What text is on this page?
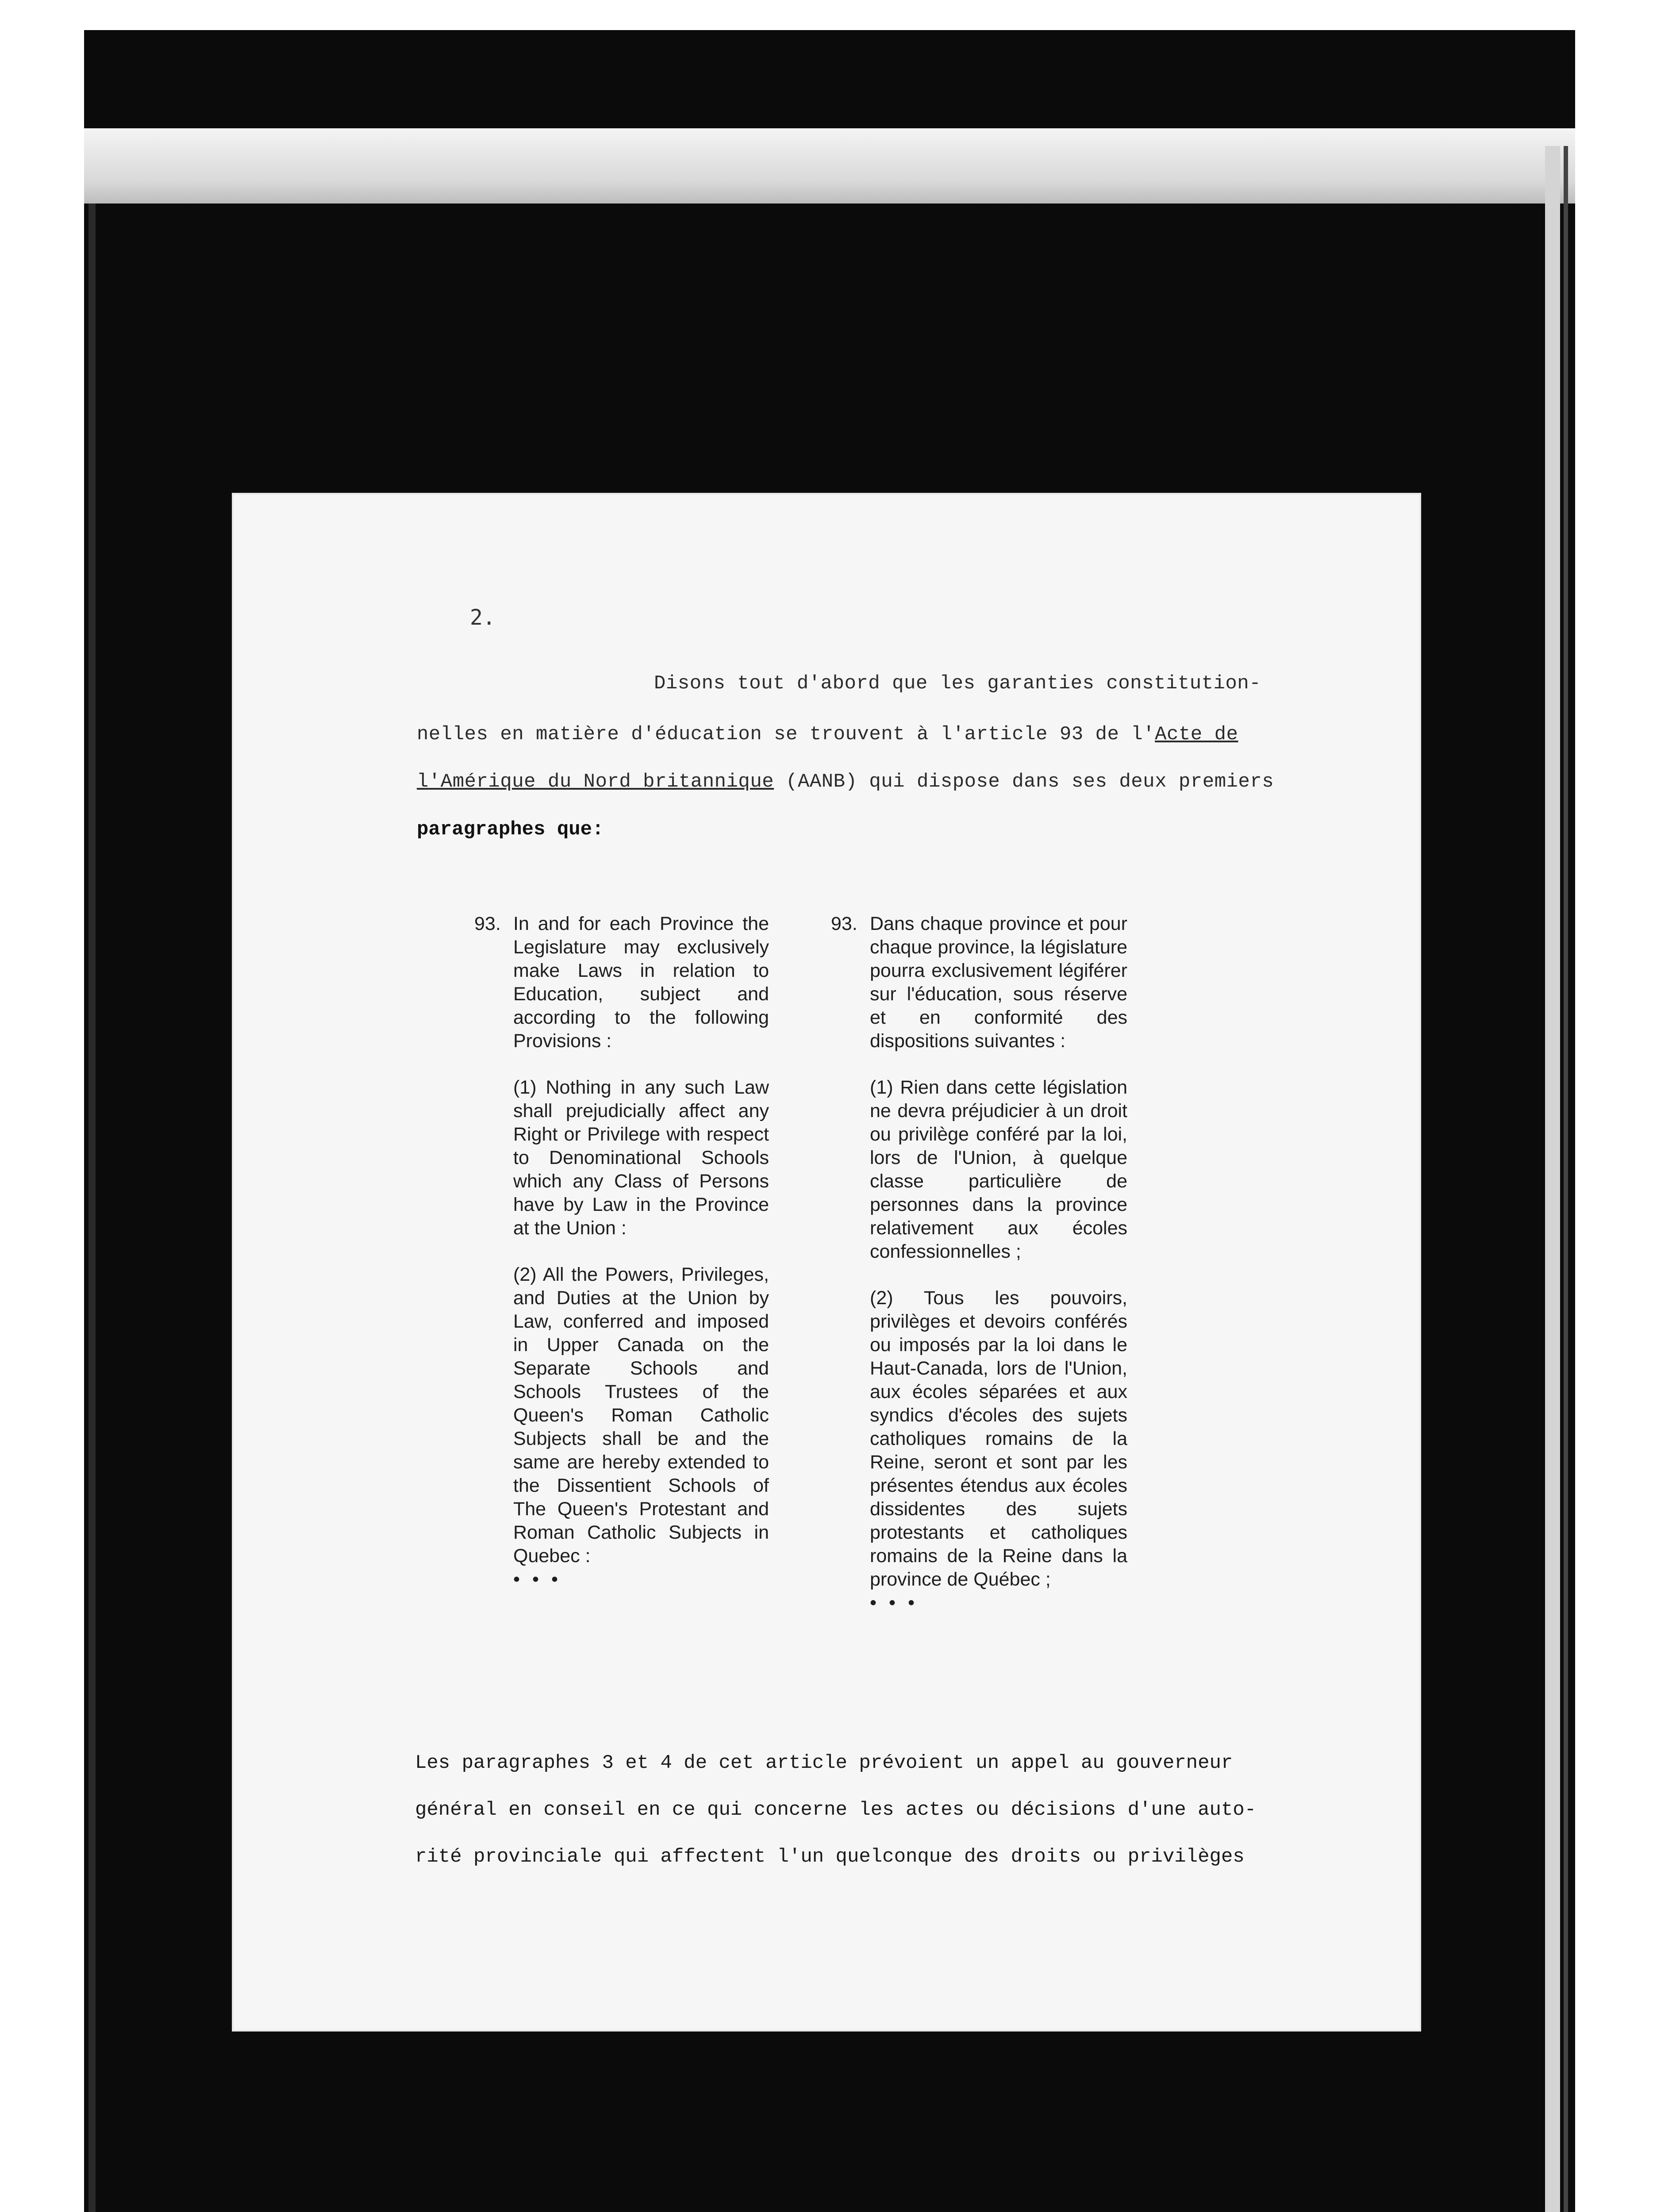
2.
Disons tout d'abord que les garanties constitution-
nelles en matière d'éducation se trouvent à l'article 93 de l'Acte de
l'Amérique du Nord britannique (AANB) qui dispose dans ses deux premiers
paragraphes que:
93. In and for each Province the Legislature may exclusively make Laws in relation to Education, subject and according to the following Provisions :

(1) Nothing in any such Law shall prejudicially affect any Right or Privilege with respect to Denominational Schools which any Class of Persons have by Law in the Province at the Union :

(2) All the Powers, Privileges, and Duties at the Union by Law, conferred and imposed in Upper Canada on the Separate Schools and Schools Trustees of the Queen's Roman Catholic Subjects shall be and the same are hereby extended to the Dissentient Schools of The Queen's Protestant and Roman Catholic Subjects in Quebec :

• • •
93. Dans chaque province et pour chaque province, la législature pourra exclusivement légiférer sur l'éducation, sous réserve et en conformité des dispositions suivantes :

(1) Rien dans cette législation ne devra préjudicier à un droit ou privilège conféré par la loi, lors de l'Union, à quelque classe particulière de personnes dans la province relativement aux écoles confessionnelles ;

(2) Tous les pouvoirs, privilèges et devoirs conférés ou imposés par la loi dans le Haut-Canada, lors de l'Union, aux écoles séparées et aux syndics d'écoles des sujets catholiques romains de la Reine, seront et sont par les présentes étendus aux écoles dissidentes des sujets protestants et catholiques romains de la Reine dans la province de Québec ;

• • •
Les paragraphes 3 et 4 de cet article prévoient un appel au gouverneur
général en conseil en ce qui concerne les actes ou décisions d'une auto-
rité provinciale qui affectent l'un quelconque des droits ou privilèges
